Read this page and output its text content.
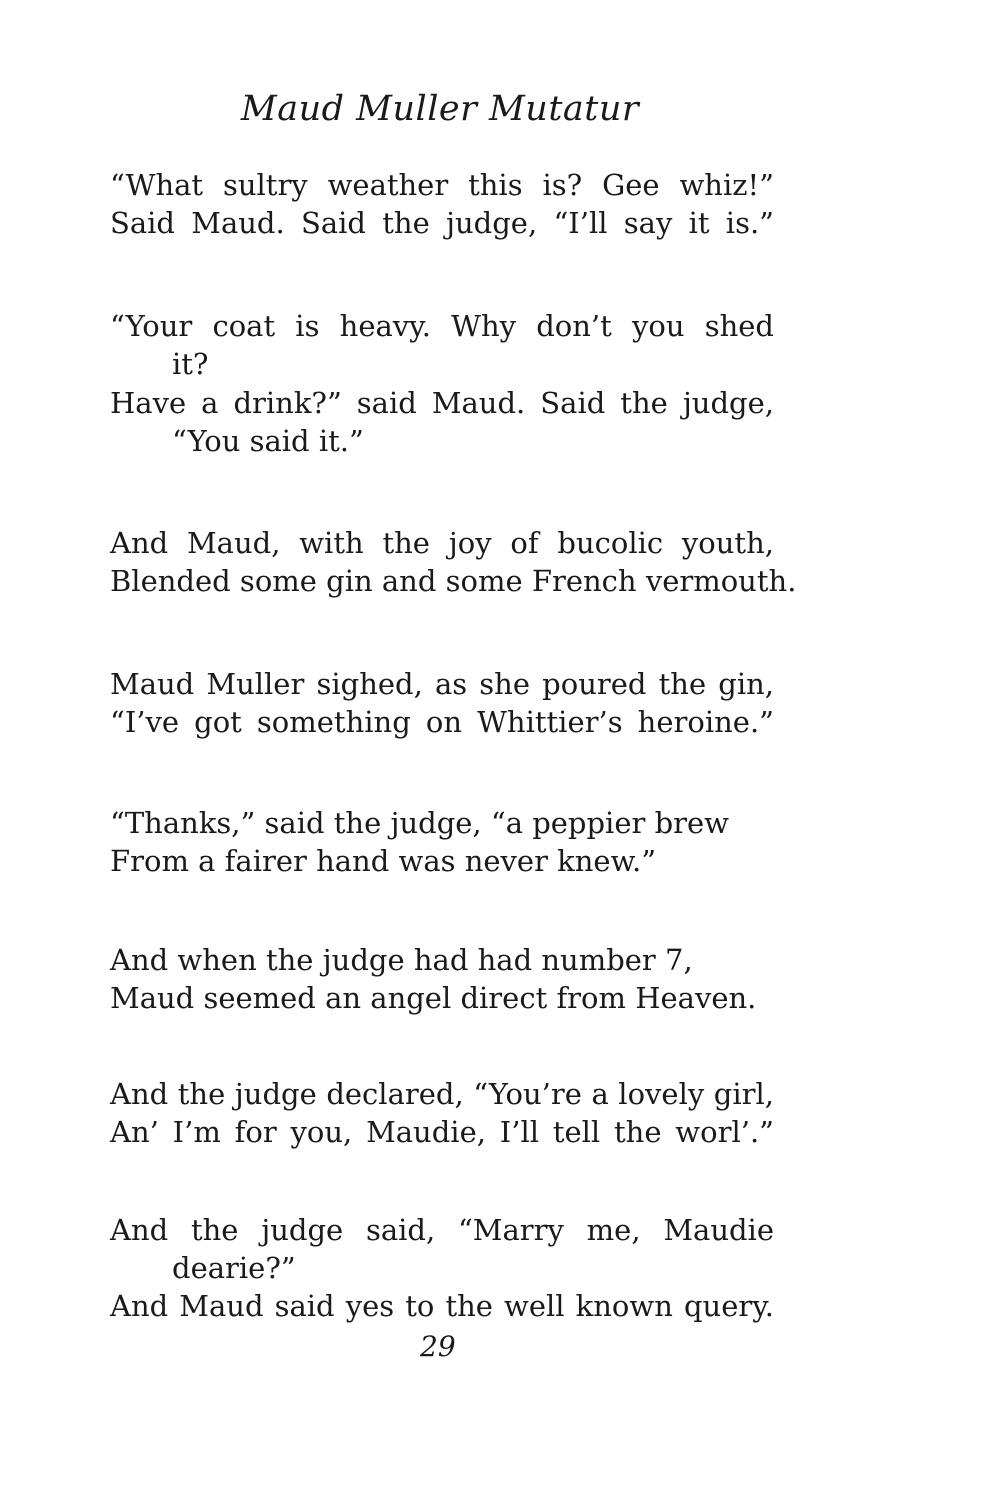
Maud Muller Mutatur
“What sultry weather this is? Gee whiz!”
Said Maud. Said the judge, “I’ll say it is.”
“Your coat is heavy. Why don’t you shed
it?
Have a drink?” said Maud. Said the judge,
“You said it.”
And Maud, with the joy of bucolic youth,
Blended some gin and some French vermouth.
Maud Muller sighed, as she poured the gin,
“I’ve got something on Whittier’s heroine.”
“Thanks,” said the judge, “a peppier brew
From a fairer hand was never knew.”
And when the judge had had number 7,
Maud seemed an angel direct from Heaven.
And the judge declared, “You’re a lovely girl,
An’ I’m for you, Maudie, I’ll tell the worl’.”
And the judge said, “Marry me, Maudie
dearie?”
And Maud said yes to the well known query.
29
